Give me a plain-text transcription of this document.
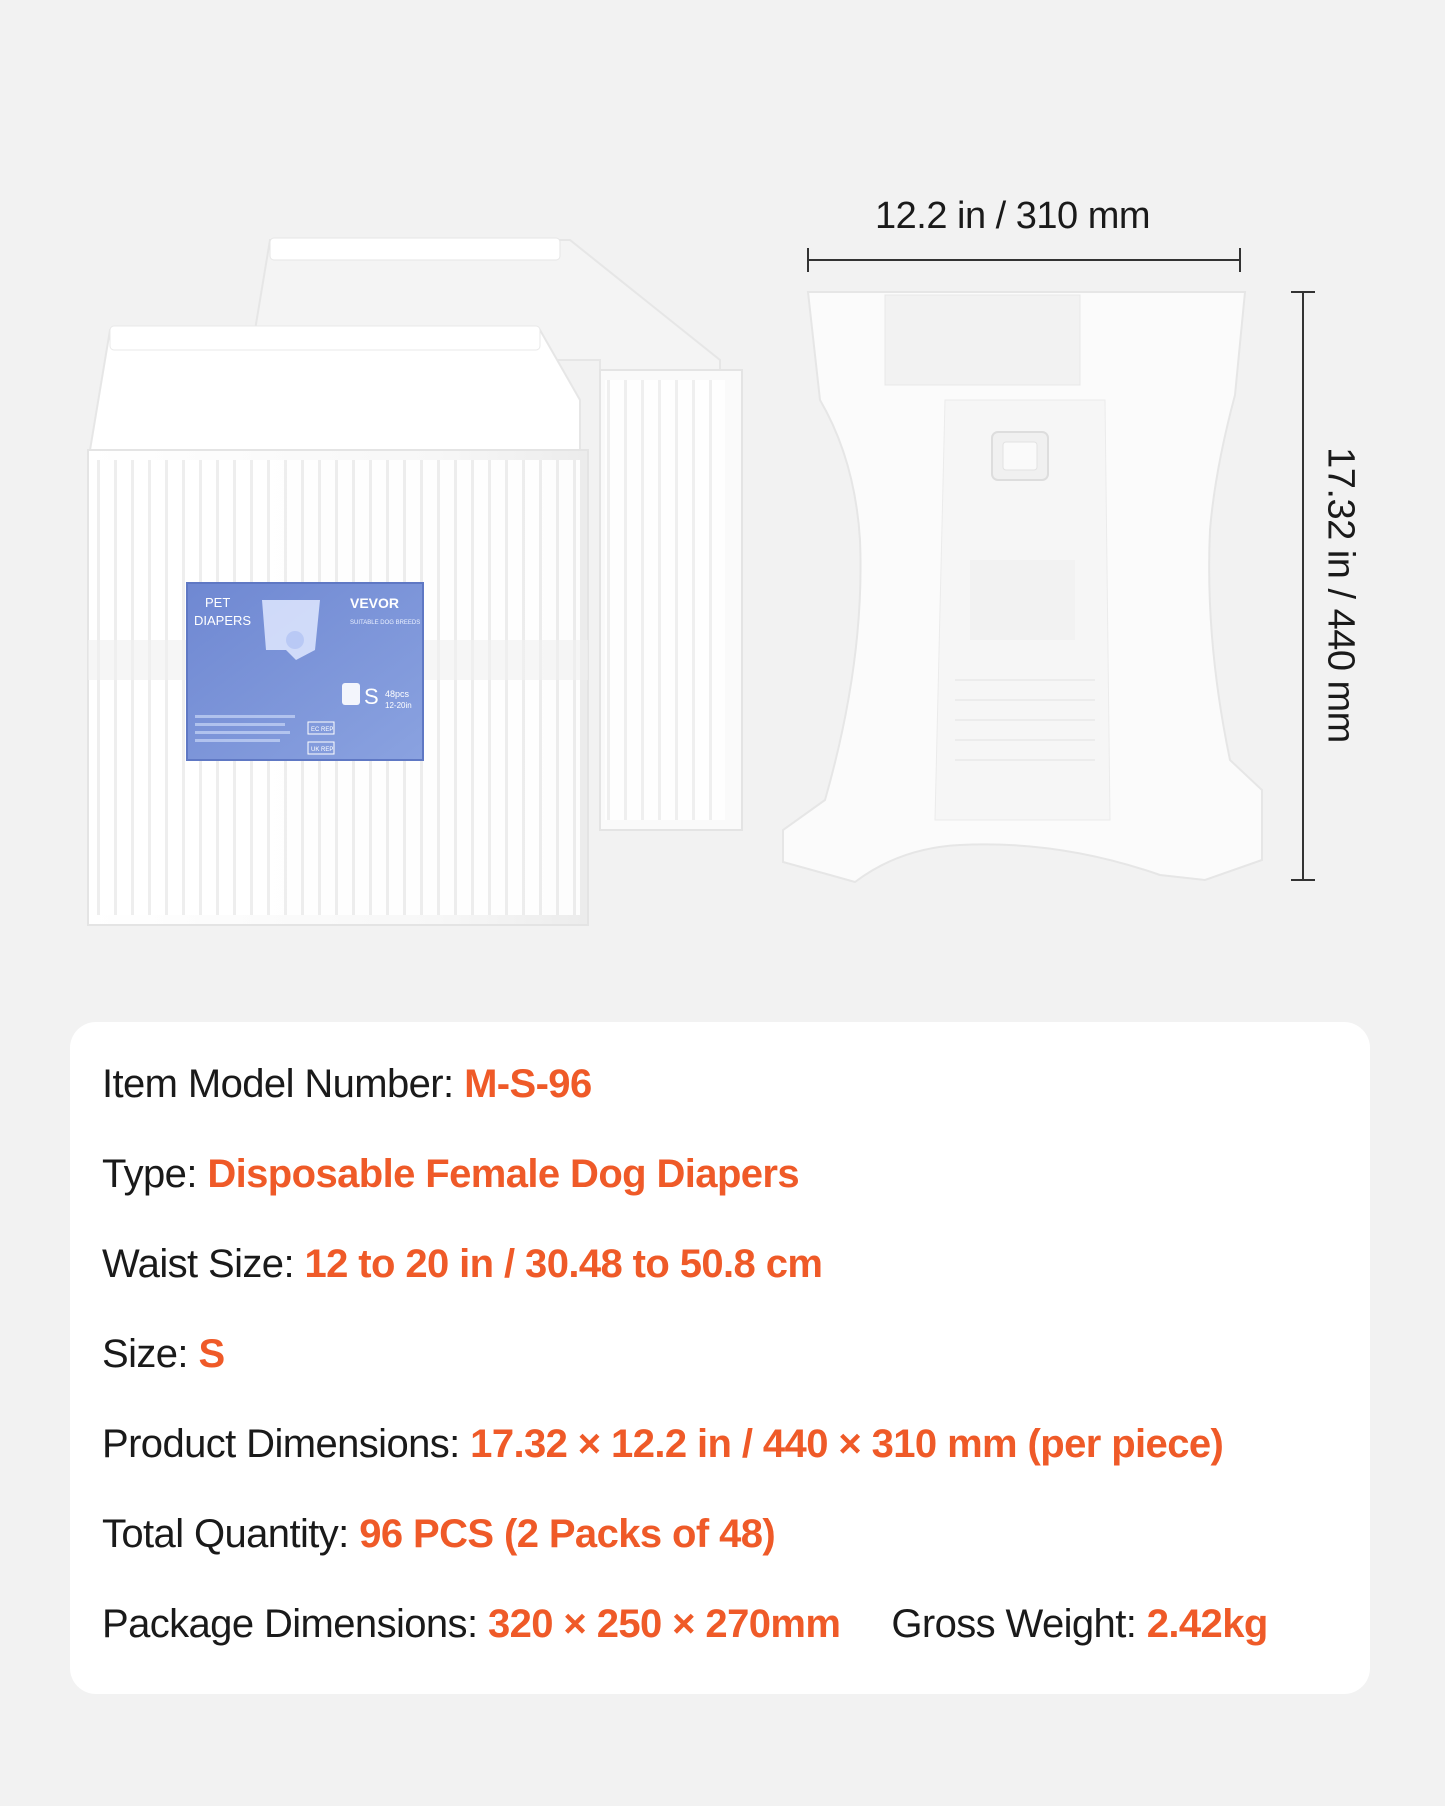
PET
DIAPERS
VEVOR
SUITABLE DOG BREEDS
S 48pcs
12-20in
EC REP
UK REP
12.2 in / 310 mm
17.32 in / 440 mm
Item Model Number: M-S-96
Type: Disposable Female Dog Diapers
Waist Size: 12 to 20 in / 30.48 to 50.8 cm
Size: S
Product Dimensions: 17.32 × 12.2 in / 440 × 310 mm (per piece)
Total Quantity: 96 PCS (2 Packs of 48)
Package Dimensions: 320 × 250 × 270mm Gross Weight: 2.42kg
